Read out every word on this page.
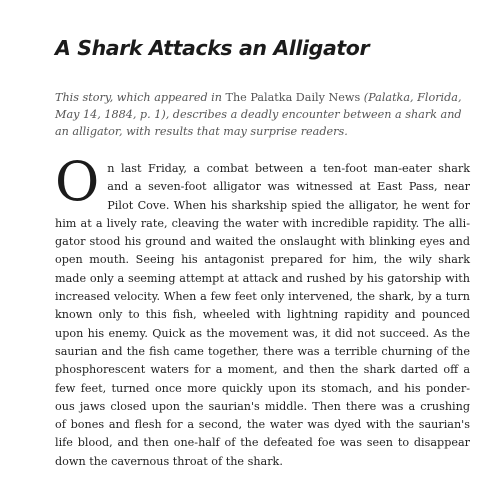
A Shark Attacks an Alligator

This story, which appeared in The Palatka Daily News (Palatka, Florida, May 14, 1884, p. 1), describes a deadly encounter between a shark and an alligator, with results that may surprise readers.

O n last Friday, a combat between a ten-foot man-eater shark
and a seven-foot alligator was witnessed at East Pass, near
Pilot Cove. When his sharkship spied the alligator, he went for
him at a lively rate, cleaving the water with incredible rapidity. The alli-
gator stood his ground and waited the onslaught with blinking eyes and
open mouth. Seeing his antagonist prepared for him, the wily shark
made only a seeming attempt at attack and rushed by his gatorship with
increased velocity. When a few feet only intervened, the shark, by a turn
known only to this fish, wheeled with lightning rapidity and pounced
upon his enemy. Quick as the movement was, it did not succeed. As the
saurian and the fish came together, there was a terrible churning of the
phosphorescent waters for a moment, and then the shark darted off a
few feet, turned once more quickly upon its stomach, and his ponder-
ous jaws closed upon the saurian's middle. Then there was a crushing
of bones and flesh for a second, the water was dyed with the saurian's
life blood, and then one-half of the defeated foe was seen to disappear
down the cavernous throat of the shark.
